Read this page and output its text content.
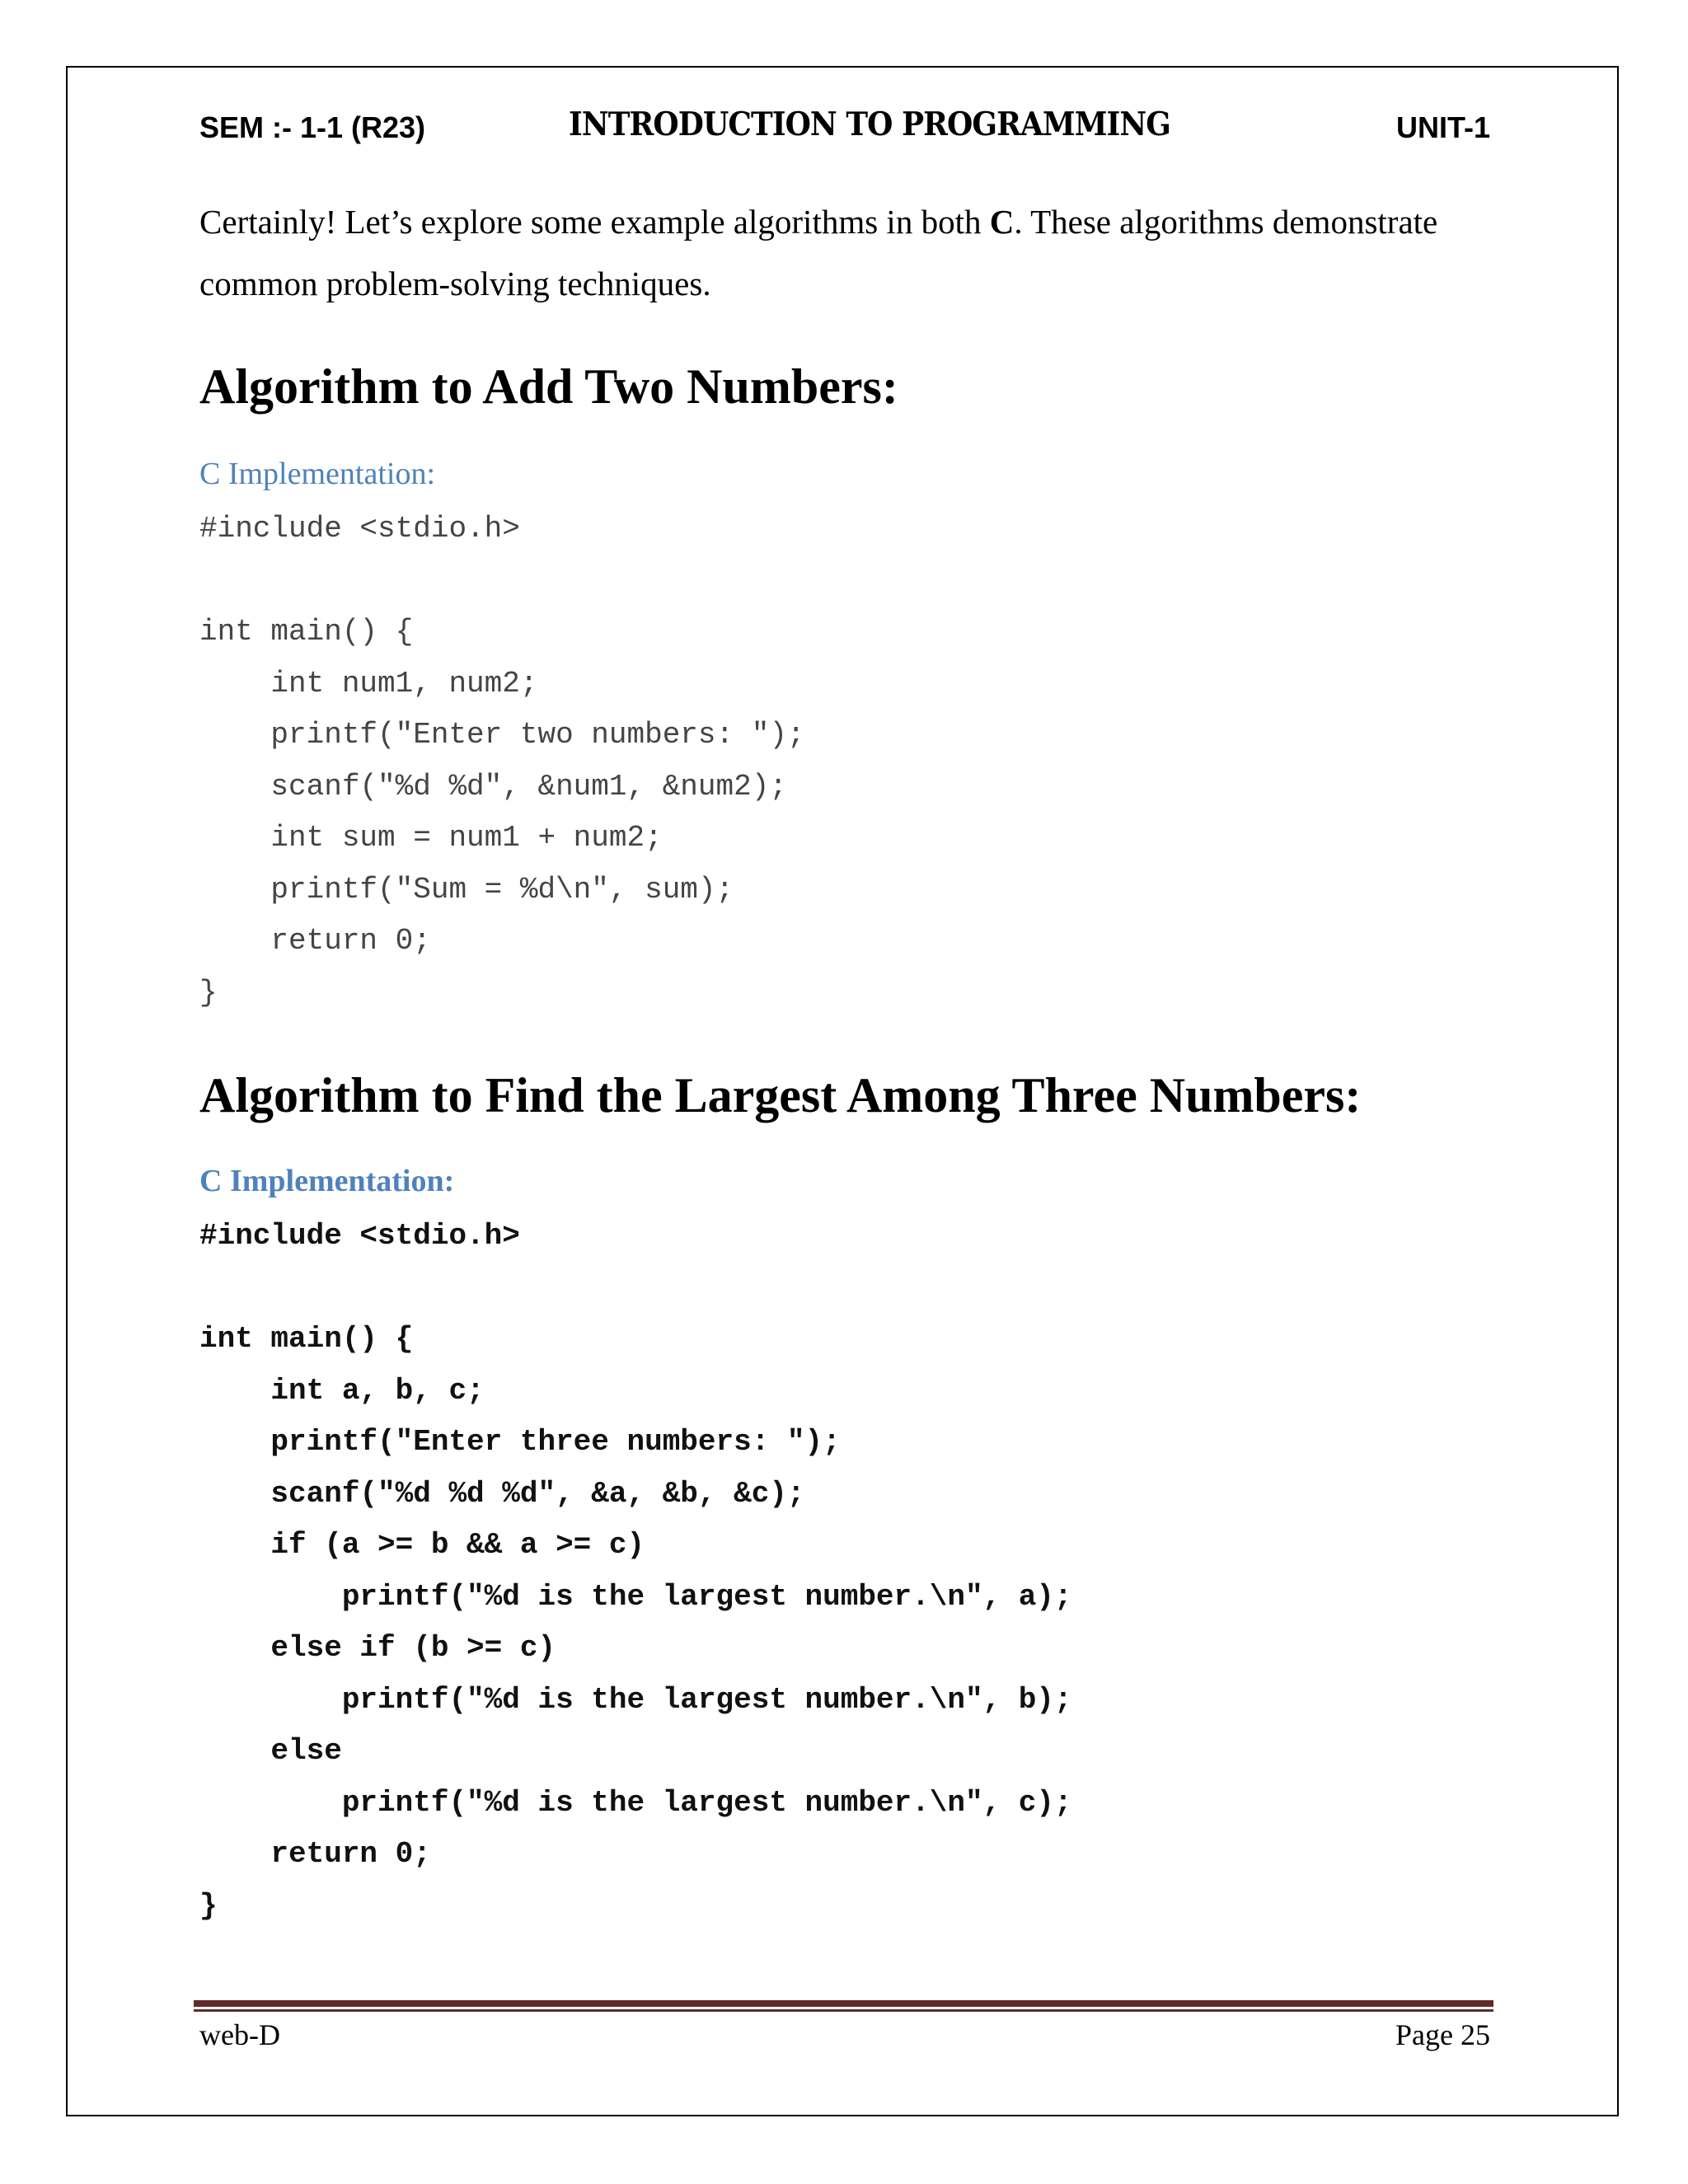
SEM :- 1-1 (R23)	INTRODUCTION TO PROGRAMMING	UNIT-1
Certainly! Let’s explore some example algorithms in both C. These algorithms demonstrate common problem-solving techniques.
Algorithm to Add Two Numbers:
C Implementation:
#include <stdio.h>
int main() {
int num1, num2;
printf("Enter two numbers: ");
scanf("%d %d", &num1, &num2);
int sum = num1 + num2;
printf("Sum = %d\n", sum);
return 0;
}
Algorithm to Find the Largest Among Three Numbers:
C Implementation:
#include <stdio.h>
int main() {
int a, b, c;
printf("Enter three numbers: ");
scanf("%d %d %d", &a, &b, &c);
if (a >= b && a >= c)
printf("%d is the largest number.\n", a);
else if (b >= c)
printf("%d is the largest number.\n", b);
else
printf("%d is the largest number.\n", c);
return 0;
}
web-D	Page 25
